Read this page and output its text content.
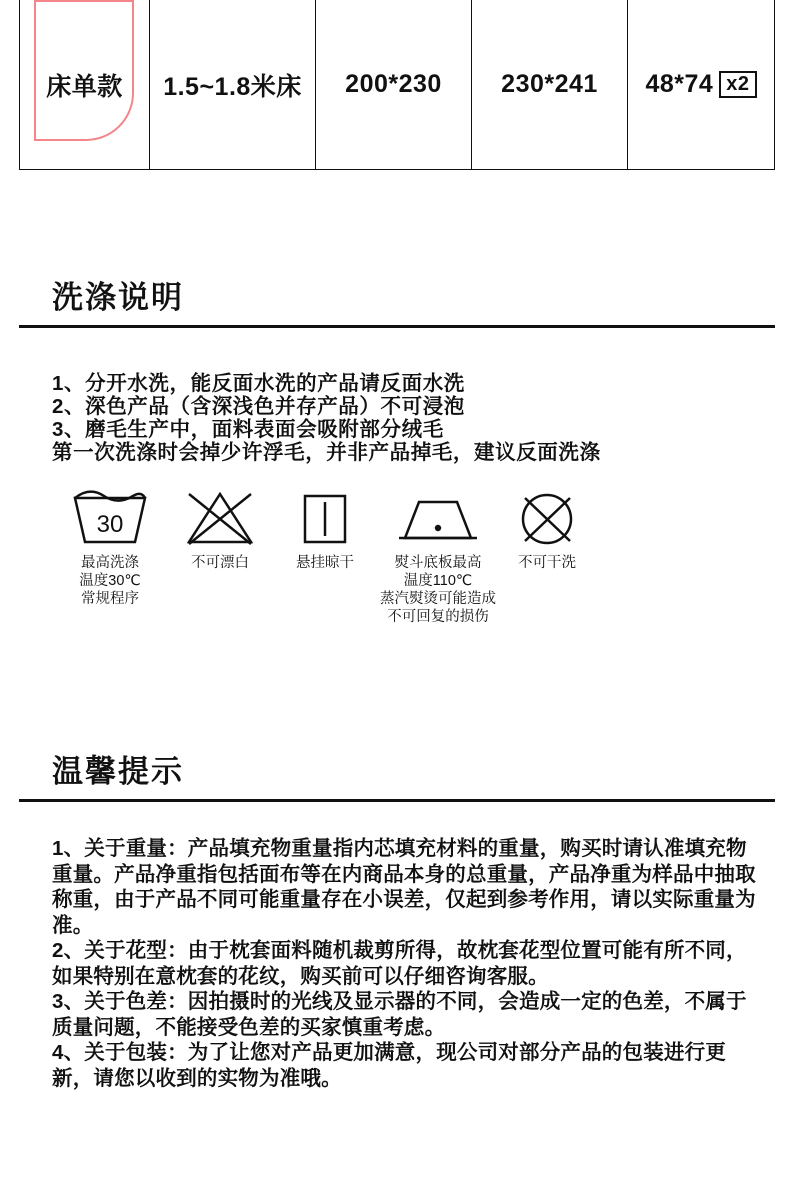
床单款 1.5~1.8米床 200*230 230*241 48*74 x2
洗涤说明
1、分开水洗，能反面水洗的产品请反面水洗
2、深色产品（含深浅色并存产品）不可浸泡
3、磨毛生产中，面料表面会吸附部分绒毛
第一次洗涤时会掉少许浮毛，并非产品掉毛，建议反面洗涤
30
最高洗涤
温度30℃
常规程序
不可漂白	悬挂晾干	熨斗底板最高
温度110℃
蒸汽熨烫可能造成
不可回复的损伤
不可干洗
温馨提示

1、关于重量：产品填充物重量指内芯填充材料的重量，购买时请认准填充物重量。产品净重指包括面布等在内商品本身的总重量，产品净重为样品中抽取称重，由于产品不同可能重量存在小误差，仅起到参考作用，请以实际重量为准。

2、关于花型：由于枕套面料随机裁剪所得，故枕套花型位置可能有所不同，如果特别在意枕套的花纹，购买前可以仔细咨询客服。

3、关于色差：因拍摄时的光线及显示器的不同，会造成一定的色差，不属于质量问题，不能接受色差的买家慎重考虑。

4、关于包装：为了让您对产品更加满意，现公司对部分产品的包装进行更新，请您以收到的实物为准哦。
